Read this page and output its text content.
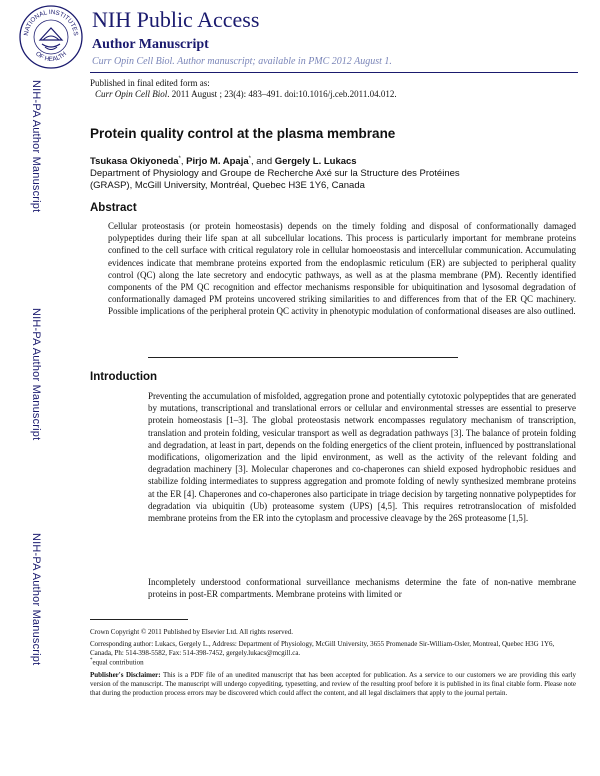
NATIONAL INSTITUTES
OF HEALTH
NIH Public Access
Author Manuscript
Curr Opin Cell Biol. Author manuscript; available in PMC 2012 August 1.
Published in final edited form as:
Curr Opin Cell Biol. 2011 August ; 23(4): 483–491. doi:10.1016/j.ceb.2011.04.012.
NIH-PA Author Manuscript
NIH-PA Author Manuscript
NIH-PA Author Manuscript
Protein quality control at the plasma membrane
Tsukasa Okiyoneda*, Pirjo M. Apaja*, and Gergely L. Lukacs
Department of Physiology and Groupe de Recherche Axé sur la Structure des Protéines
(GRASP), McGill University, Montréal, Quebec H3E 1Y6, Canada
Abstract
Cellular proteostasis (or protein homeostasis) depends on the timely folding and disposal of conformationally damaged polypeptides during their life span at all subcellular locations. This process is particularly important for membrane proteins confined to the cell surface with critical regulatory role in cellular homoeostasis and intercellular communication. Accumulating evidences indicate that membrane proteins exported from the endoplasmic reticulum (ER) are subjected to peripheral quality control (QC) along the late secretory and endocytic pathways, as well as at the plasma membrane (PM). Recently identified components of the PM QC recognition and effector mechanisms responsible for ubiquitination and lysosomal degradation of conformationally damaged PM proteins uncovered striking similarities to and differences from that of the ER QC machinery. Possible implications of the peripheral protein QC activity in phenotypic modulation of conformational diseases are also outlined.
Introduction
Preventing the accumulation of misfolded, aggregation prone and potentially cytotoxic polypeptides that are generated by mutations, transcriptional and translational errors or cellular and environmental stresses are essential to preserve protein homeostasis [1–3]. The global proteostasis network encompasses regulatory mechanism of transcription, translation and protein folding, vesicular transport as well as degradation pathways [3]. The balance of protein folding and degradation, at least in part, depends on the folding energetics of the client protein, influenced by posttranslational modifications, oligomerization and the lipid environment, as well as the activity of the relevant folding and degradation machinery [3]. Molecular chaperones and co-chaperones can shield exposed hydrophobic residues and stabilize folding intermediates to suppress aggregation and promote folding of newly synthesized membrane proteins at the ER [4]. Chaperones and co-chaperones also participate in triage decision by targeting nonnative polypeptides for degradation via ubiquitin (Ub) proteasome system (UPS) [4,5]. This requires retrotranslocation of misfolded membrane proteins from the ER into the cytoplasm and processive cleavage by the 26S proteasome [1,5].
Incompletely understood conformational surveillance mechanisms determine the fate of non-native membrane proteins in post-ER compartments. Membrane proteins with limited or
Crown Copyright © 2011 Published by Elsevier Ltd. All rights reserved.
Corresponding author: Lukacs, Gergely L., Address: Department of Physiology, McGill University, 3655 Promenade Sir-William-Osler, Montreal, Quebec H3G 1Y6, Canada, Ph: 514-398-5582, Fax: 514-398-7452, gergely.lukacs@mcgill.ca.
*equal contribution
Publisher's Disclaimer: This is a PDF file of an unedited manuscript that has been accepted for publication. As a service to our customers we are providing this early version of the manuscript. The manuscript will undergo copyediting, typesetting, and review of the resulting proof before it is published in its final citable form. Please note that during the production process errors may be discovered which could affect the content, and all legal disclaimers that apply to the journal pertain.
